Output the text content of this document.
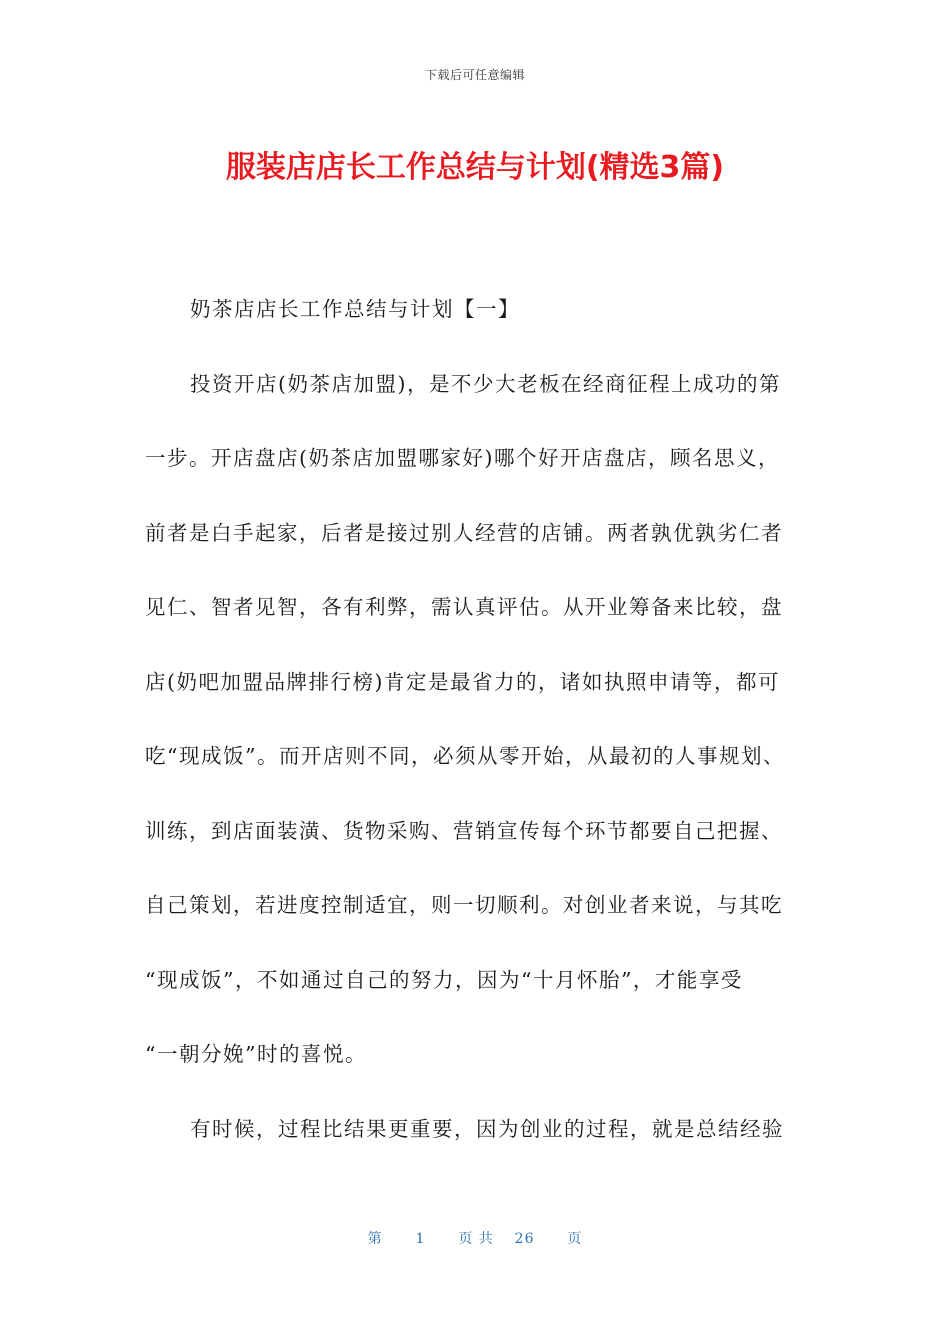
下载后可任意编辑
服装店店长工作总结与计划(精选3篇)
奶茶店店长工作总结与计划【一】
投资开店(奶茶店加盟)，是不少大老板在经商征程上成功的第
一步。开店盘店(奶茶店加盟哪家好)哪个好开店盘店，顾名思义，
前者是白手起家，后者是接过别人经营的店铺。两者孰优孰劣仁者
见仁、智者见智，各有利弊，需认真评估。从开业筹备来比较，盘
店(奶吧加盟品牌排行榜)肯定是最省力的，诸如执照申请等，都可
吃“现成饭”。而开店则不同，必须从零开始，从最初的人事规划、
训练，到店面装潢、货物采购、营销宣传每个环节都要自己把握、
自己策划，若进度控制适宜，则一切顺利。对创业者来说，与其吃
“现成饭”，不如通过自己的努力，因为“十月怀胎”，才能享受
“一朝分娩”时的喜悦。
有时候，过程比结果更重要，因为创业的过程，就是总结经验
第 1 页 共 26 页
